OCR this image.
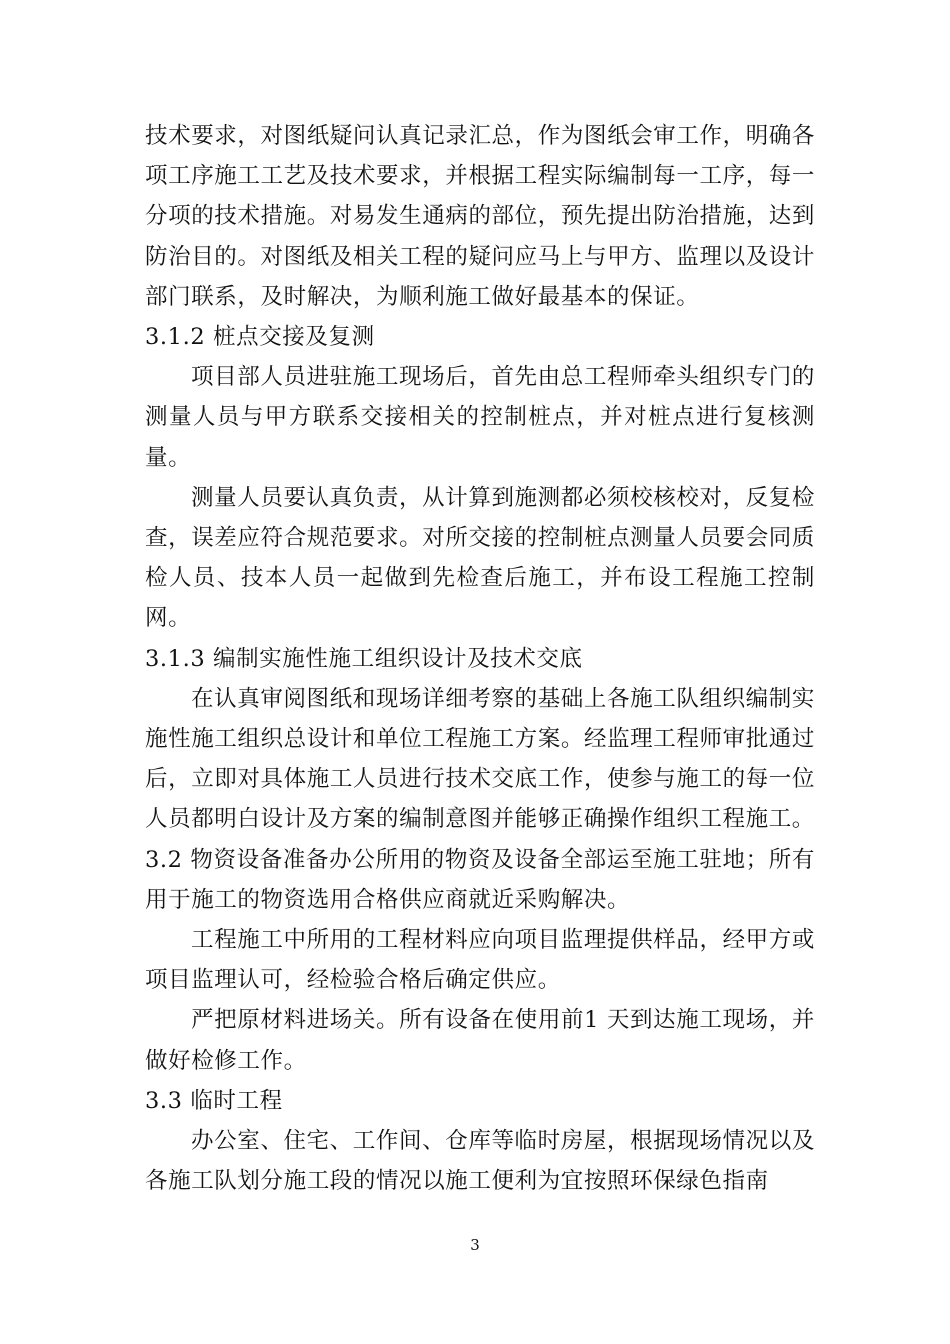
技术要求，对图纸疑问认真记录汇总，作为图纸会审工作，明确各项工序施工工艺及技术要求，并根据工程实际编制每一工序，每一分项的技术措施。对易发生通病的部位，预先提出防治措施，达到防治目的。对图纸及相关工程的疑问应马上与甲方、监理以及设计部门联系，及时解决，为顺利施工做好最基本的保证。

3.1.2 桩点交接及复测

项目部人员进驻施工现场后，首先由总工程师牵头组织专门的测量人员与甲方联系交接相关的控制桩点，并对桩点进行复核测量。

测量人员要认真负责，从计算到施测都必须校核校对，反复检查，误差应符合规范要求。对所交接的控制桩点测量人员要会同质检人员、技本人员一起做到先检查后施工，并布设工程施工控制网。

3.1.3 编制实施性施工组织设计及技术交底

在认真审阅图纸和现场详细考察的基础上各施工队组织编制实施性施工组织总设计和单位工程施工方案。经监理工程师审批通过后，立即对具体施工人员进行技术交底工作，使参与施工的每一位人员都明白设计及方案的编制意图并能够正确操作组织工程施工。

3.2 物资设备准备办公所用的物资及设备全部运至施工驻地；所有用于施工的物资选用合格供应商就近采购解决。

工程施工中所用的工程材料应向项目监理提供样品，经甲方或项目监理认可，经检验合格后确定供应。

严把原材料进场关。所有设备在使用前1 天到达施工现场，并做好检修工作。

3.3 临时工程

办公室、住宅、工作间、仓库等临时房屋，根据现场情况以及各施工队划分施工段的情况以施工便利为宜按照环保绿色指南

3
